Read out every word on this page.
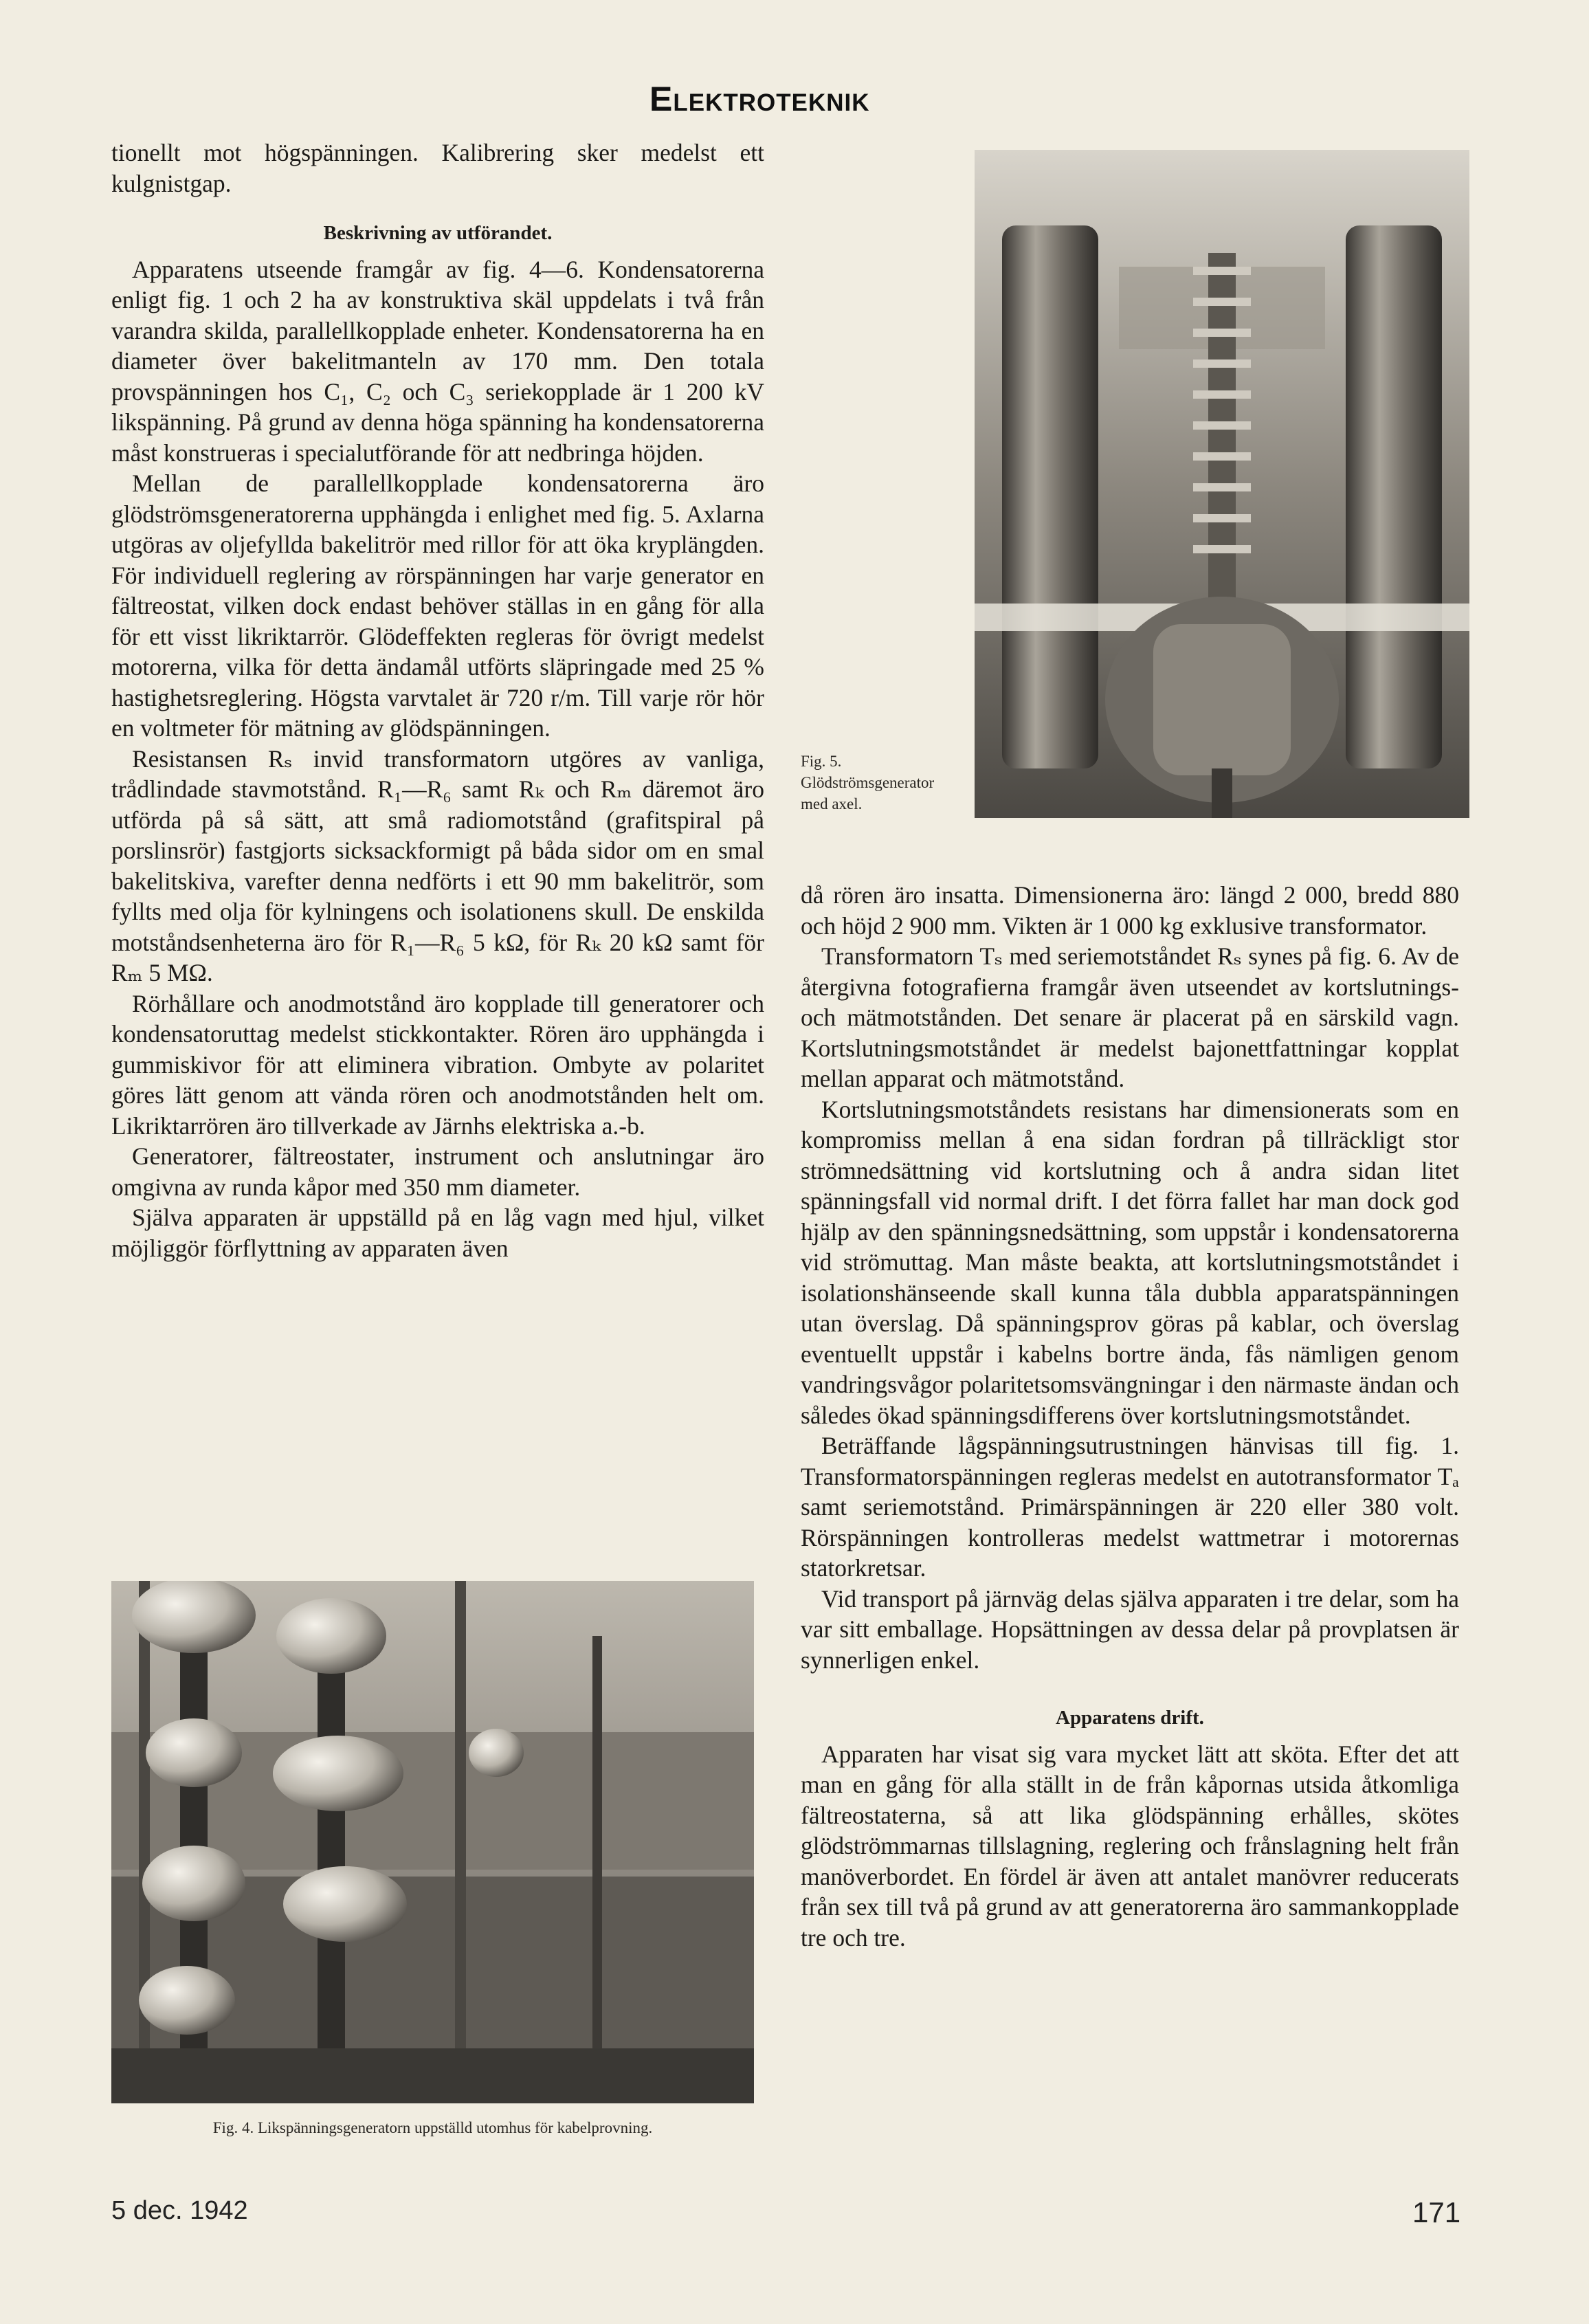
Elektroteknik

tionellt mot högspänningen. Kalibrering sker medelst ett kulgnistgap.

Beskrivning av utförandet.

Apparatens utseende framgår av fig. 4—6. Kondensatorerna enligt fig. 1 och 2 ha av konstruktiva skäl uppdelats i två från varandra skilda, parallellkopplade enheter. Kondensatorerna ha en diameter över bakelitmanteln av 170 mm. Den totala provspänningen hos C₁, C₂ och C₃ seriekopplade är 1 200 kV likspänning. På grund av denna höga spänning ha kondensatorerna måst konstrueras i specialutförande för att nedbringa höjden.

Mellan de parallellkopplade kondensatorerna äro glödströmsgeneratorerna upphängda i enlighet med fig. 5. Axlarna utgöras av oljefyllda bakelitrör med rillor för att öka kryplängden. För individuell reglering av rörspänningen har varje generator en fältreostat, vilken dock endast behöver ställas in en gång för alla för ett visst likriktarrör. Glödeffekten regleras för övrigt medelst motorerna, vilka för detta ändamål utförts släpringade med 25 % hastighetsreglering. Högsta varvtalet är 720 r/m. Till varje rör hör en voltmeter för mätning av glödspänningen.

Resistansen Rₛ invid transformatorn utgöres av vanliga, trådlindade stavmotstånd. R₁—R₆ samt Rₖ och Rₘ däremot äro utförda på så sätt, att små radiomotstånd (grafitspiral på porslinsrör) fastgjorts sicksackformigt på båda sidor om en smal bakelitskiva, varefter denna nedförts i ett 90 mm bakelitrör, som fyllts med olja för kylningens och isolationens skull. De enskilda motståndsenheterna äro för R₁—R₆ 5 kΩ, för Rₖ 20 kΩ samt för Rₘ 5 MΩ.

Rörhållare och anodmotstånd äro kopplade till generatorer och kondensatoruttag medelst stickkontakter. Rören äro upphängda i gummiskivor för att eliminera vibration. Ombyte av polaritet göres lätt genom att vända rören och anodmotstånden helt om. Likriktarrören äro tillverkade av Järnhs elektriska a.-b.

Generatorer, fältreostater, instrument och anslutningar äro omgivna av runda kåpor med 350 mm diameter.

Själva apparaten är uppställd på en låg vagn med hjul, vilket möjliggör förflyttning av apparaten även

Fig. 5. Glödströmsgenerator med axel.

då rören äro insatta. Dimensionerna äro: längd 2 000, bredd 880 och höjd 2 900 mm. Vikten är 1 000 kg exklusive transformator.

Transformatorn Tₛ med seriemotståndet Rₛ synes på fig. 6. Av de återgivna fotografierna framgår även utseendet av kortslutnings- och mätmotstånden. Det senare är placerat på en särskild vagn. Kortslutningsmotståndet är medelst bajonettfattningar kopplat mellan apparat och mätmotstånd.

Kortslutningsmotståndets resistans har dimensionerats som en kompromiss mellan å ena sidan fordran på tillräckligt stor strömnedsättning vid kortslutning och å andra sidan litet spänningsfall vid normal drift. I det förra fallet har man dock god hjälp av den spänningsnedsättning, som uppstår i kondensatorerna vid strömuttag. Man måste beakta, att kortslutningsmotståndet i isolationshänseende skall kunna tåla dubbla apparatspänningen utan överslag. Då spänningsprov göras på kablar, och överslag eventuellt uppstår i kabelns bortre ända, fås nämligen genom vandringsvågor polaritetsomsvängningar i den närmaste ändan och således ökad spänningsdifferens över kortslutningsmotståndet.

Beträffande lågspänningsutrustningen hänvisas till fig. 1. Transformatorspänningen regleras medelst en autotransformator Tₐ samt seriemotstånd. Primärspänningen är 220 eller 380 volt. Rörspänningen kontrolleras medelst wattmetrar i motorernas statorkretsar.

Vid transport på järnväg delas själva apparaten i tre delar, som ha var sitt emballage. Hopsättningen av dessa delar på provplatsen är synnerligen enkel.

Apparatens drift.

Apparaten har visat sig vara mycket lätt att sköta. Efter det att man en gång för alla ställt in de från kåpornas utsida åtkomliga fältreostaterna, så att lika glödspänning erhålles, skötes glödströmmarnas tillslagning, reglering och frånslagning helt från manöverbordet. En fördel är även att antalet manövrer reducerats från sex till två på grund av att generatorerna äro sammankopplade tre och tre.

Fig. 4. Likspänningsgeneratorn uppställd utomhus för kabelprovning.
5 dec. 1942	171
